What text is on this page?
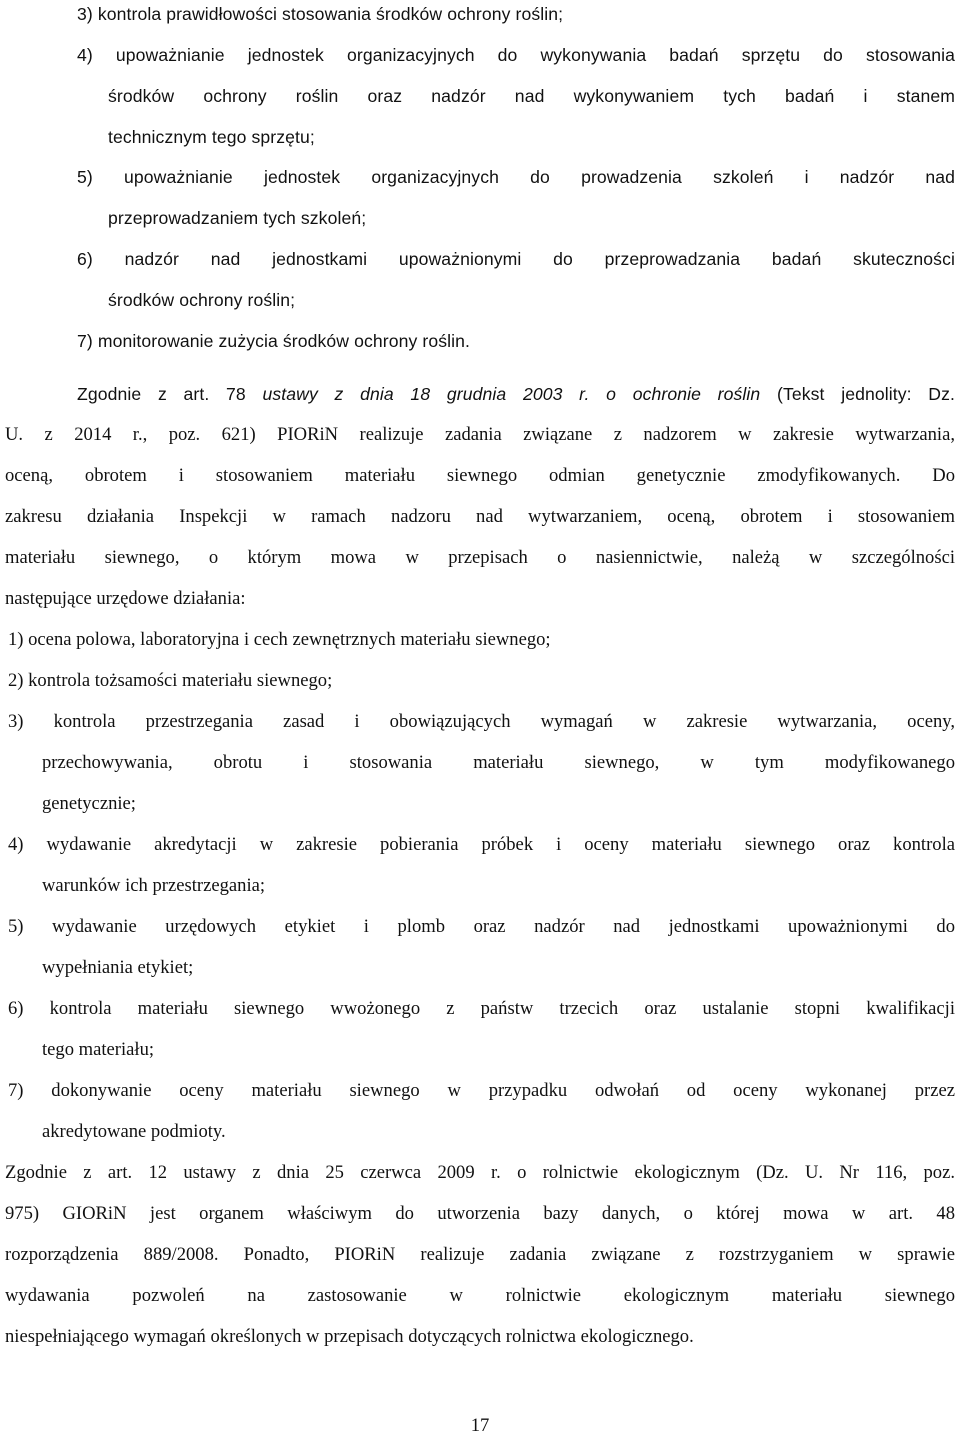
3) kontrola prawidłowości stosowania środków ochrony roślin;
4) upoważnianie jednostek organizacyjnych do wykonywania badań sprzętu do stosowania
środków ochrony roślin oraz nadzór nad wykonywaniem tych badań i stanem
technicznym tego sprzętu;
5) upoważnianie jednostek organizacyjnych do prowadzenia szkoleń i nadzór nad
przeprowadzaniem tych szkoleń;
6) nadzór nad jednostkami upoważnionymi do przeprowadzania badań skuteczności
środków ochrony roślin;
7) monitorowanie zużycia środków ochrony roślin.
Zgodnie z art. 78 ustawy z dnia 18 grudnia 2003 r. o ochronie roślin (Tekst jednolity: Dz.
U. z 2014 r., poz. 621) PIORiN realizuje zadania związane z nadzorem w zakresie wytwarzania,
oceną, obrotem i stosowaniem materiału siewnego odmian genetycznie zmodyfikowanych. Do
zakresu działania Inspekcji w ramach nadzoru nad wytwarzaniem, oceną, obrotem i stosowaniem
materiału siewnego, o którym mowa w przepisach o nasiennictwie, należą w szczególności
następujące urzędowe działania:
1) ocena polowa, laboratoryjna i cech zewnętrznych materiału siewnego;
2) kontrola tożsamości materiału siewnego;
3) kontrola przestrzegania zasad i obowiązujących wymagań w zakresie wytwarzania, oceny,
przechowywania, obrotu i stosowania materiału siewnego, w tym modyfikowanego
genetycznie;
4) wydawanie akredytacji w zakresie pobierania próbek i oceny materiału siewnego oraz kontrola
warunków ich przestrzegania;
5) wydawanie urzędowych etykiet i plomb oraz nadzór nad jednostkami upoważnionymi do
wypełniania etykiet;
6) kontrola materiału siewnego wwożonego z państw trzecich oraz ustalanie stopni kwalifikacji
tego materiału;
7) dokonywanie oceny materiału siewnego w przypadku odwołań od oceny wykonanej przez
akredytowane podmioty.
Zgodnie z art. 12 ustawy z dnia 25 czerwca 2009 r. o rolnictwie ekologicznym (Dz. U. Nr 116, poz.
975) GIORiN jest organem właściwym do utworzenia bazy danych, o której mowa w art. 48
rozporządzenia 889/2008. Ponadto, PIORiN realizuje zadania związane z rozstrzyganiem w sprawie
wydawania pozwoleń na zastosowanie w rolnictwie ekologicznym materiału siewnego
niespełniającego wymagań określonych w przepisach dotyczących rolnictwa ekologicznego.
17
